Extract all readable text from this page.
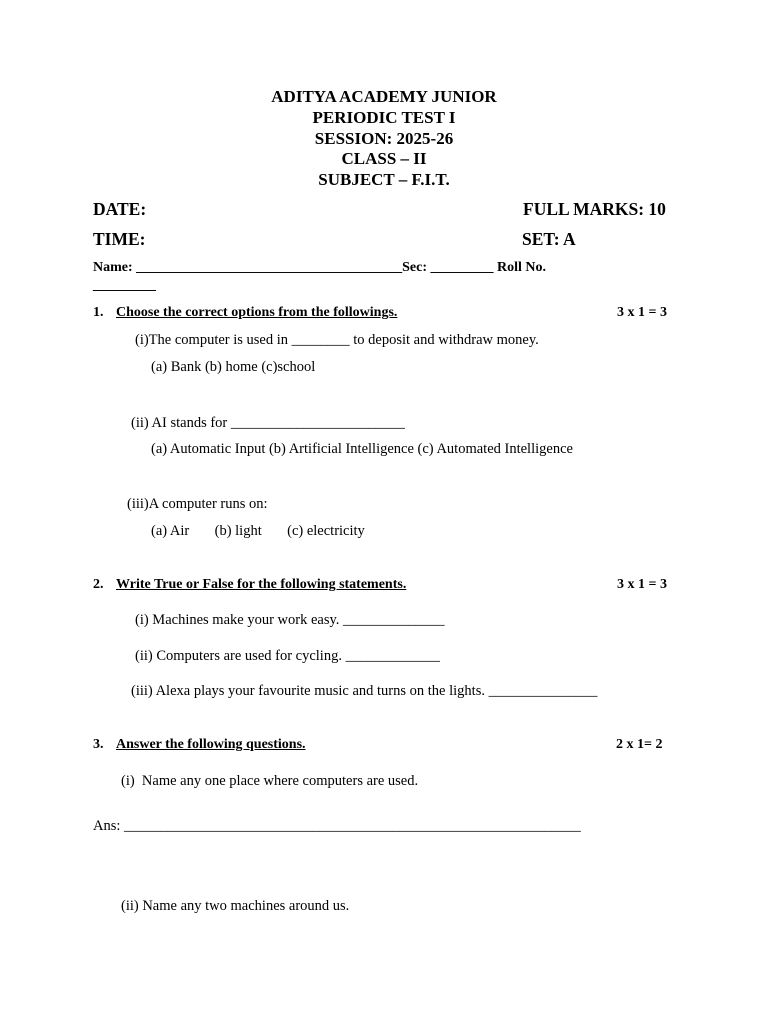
ADITYA ACADEMY JUNIOR
PERIODIC TEST I
SESSION: 2025-26
CLASS – II
SUBJECT – F.I.T.
DATE:	FULL MARKS: 10
TIME:	SET: A
Name: ______________________________________Sec: _________ Roll No.
_________
1. Choose the correct options from the followings.	3 x 1 = 3
(i)The computer is used in ________ to deposit and withdraw money.
(a) Bank (b) home (c)school
(ii) AI stands for ________________________
(a) Automatic Input (b) Artificial Intelligence (c) Automated Intelligence
(iii)A computer runs on:
(a) Air       (b) light       (c) electricity
2. Write True or False for the following statements.	3 x 1 = 3
(i) Machines make your work easy. ______________
(ii) Computers are used for cycling. _____________
(iii) Alexa plays your favourite music and turns on the lights. _______________
3. Answer the following questions.	2 x 1= 2
(i)  Name any one place where computers are used.
Ans: _______________________________________________________________
(ii) Name any two machines around us.
